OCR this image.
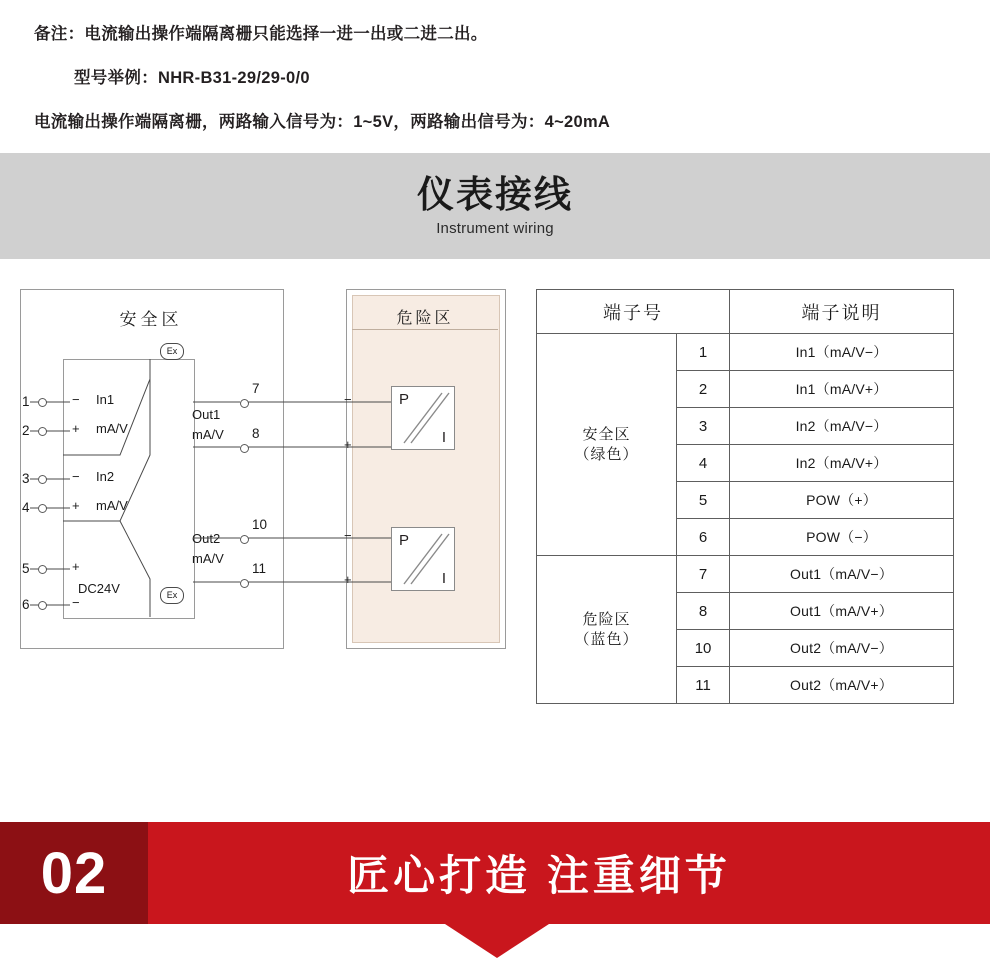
备注：电流输出操作端隔离栅只能选择一进一出或二进二出。
型号举例：NHR-B31-29/29-0/0
电流输出操作端隔离栅，两路输入信号为：1~5V，两路输出信号为：4~20mA
仪表接线
Instrument wiring
安全区	危险区
P
I
P
I
Ex
Ex
1
2
3
4
5
6
− In1
+ mA/V
− In2
+ mA/V
+
DC24V
−
Out1
mA/V
Out2
mA/V
7
8
10
11
−
+
−
+
端子号		端子说明
安全区
（绿色）	1	In1（mA/V−）
	2	In1（mA/V+）
	3	In2（mA/V−）
	4	In2（mA/V+）
	5	POW（+）
	6	POW（−）
危险区
（蓝色）	7	Out1（mA/V−）
	8	Out1（mA/V+）
	10	Out2（mA/V−）
	11	Out2（mA/V+）
02	匠心打造 注重细节
